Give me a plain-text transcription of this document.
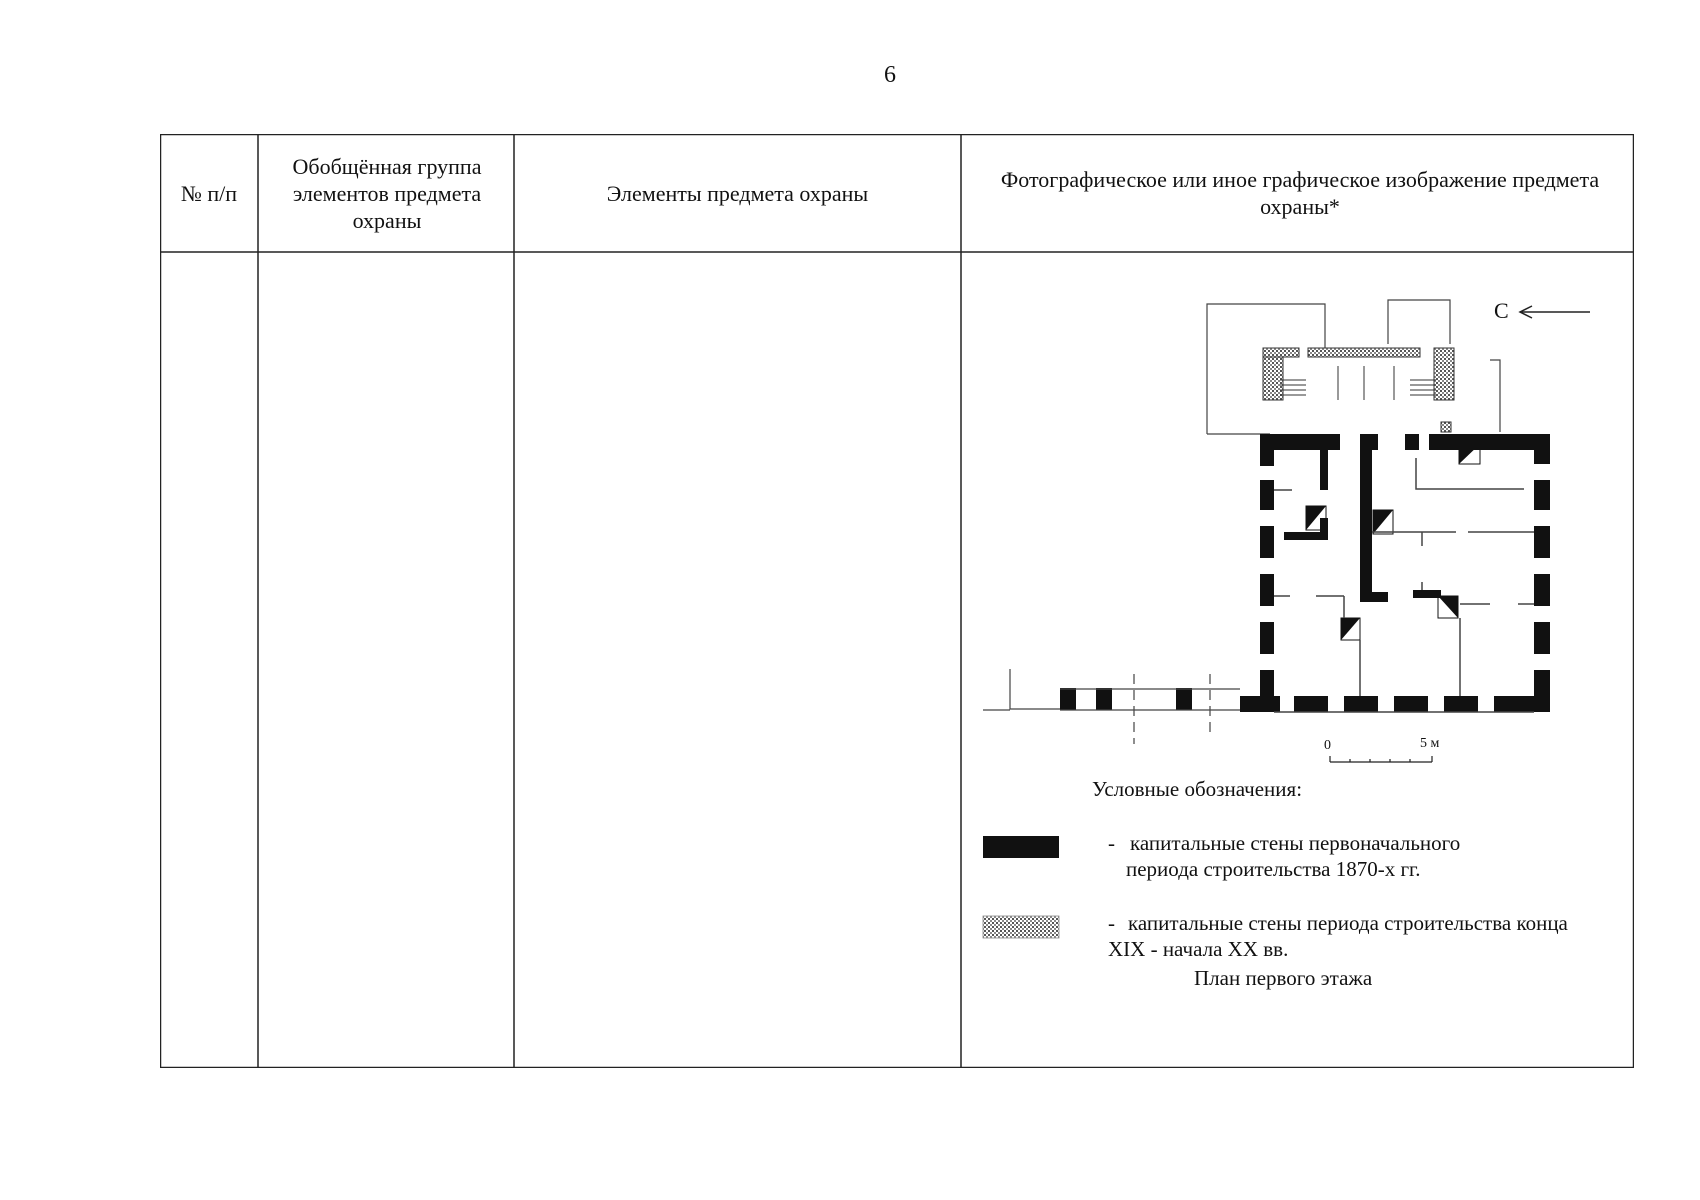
6
№ п/п
Обобщённая группа элементов предмета охраны
Элементы предмета охраны
Фотографическое или иное графическое изображение предмета охраны*
С
0	5 м
Условные обозначения:
- капитальные стены первоначального
периода строительства 1870-х гг.
- капитальные стены периода строительства конца
XIX - начала XX вв.
План первого этажа
